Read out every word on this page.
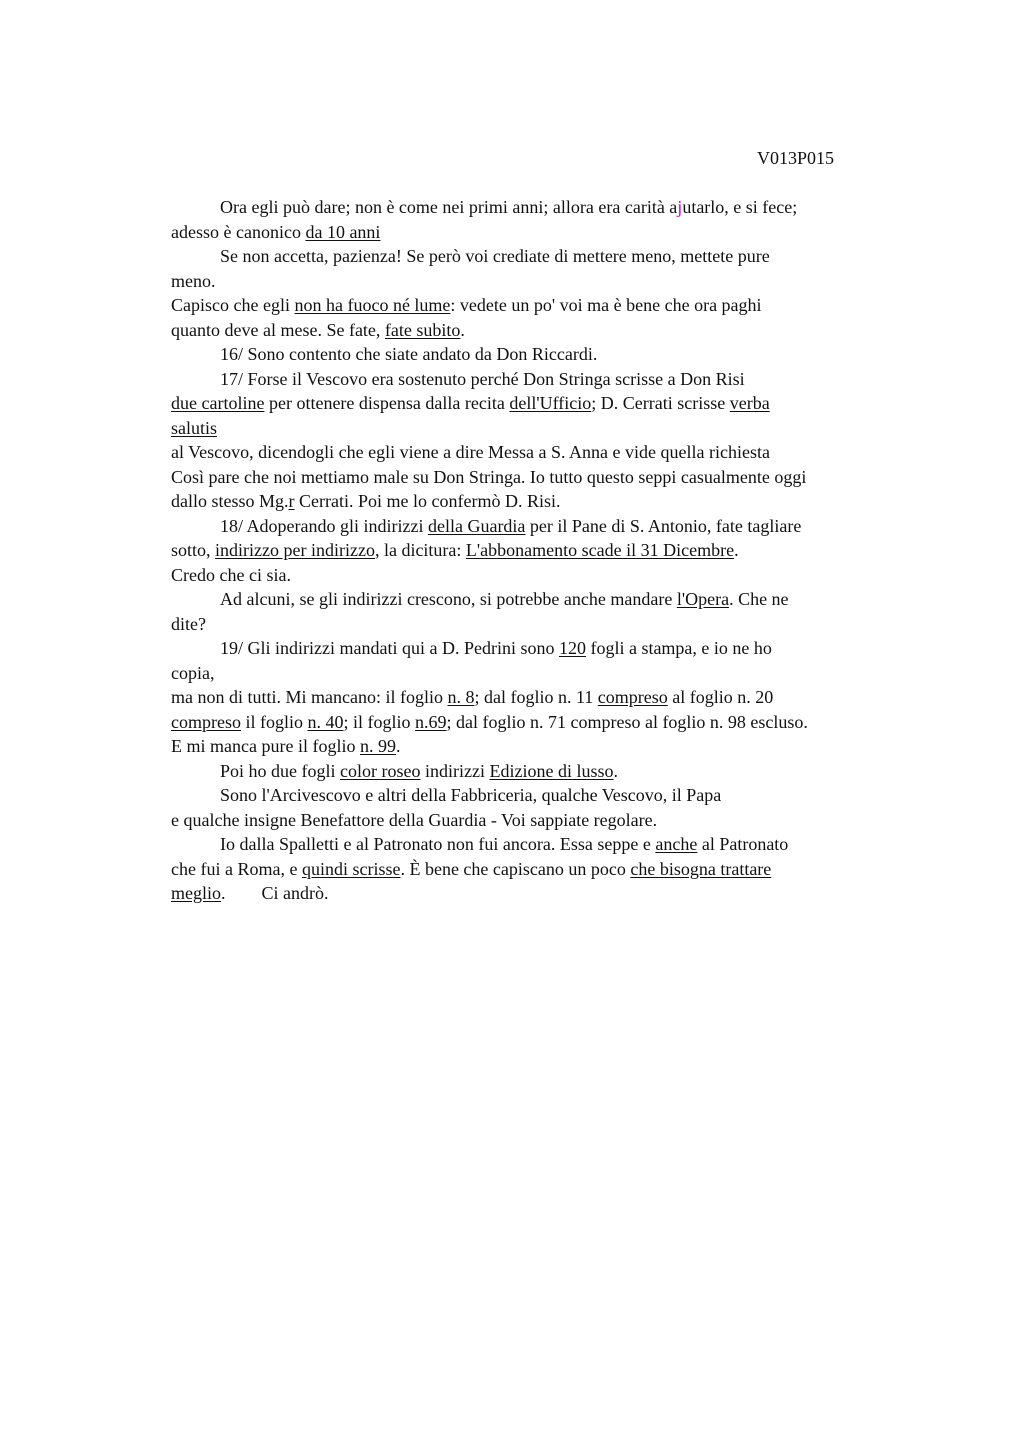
V013P015
Ora egli può dare; non è come nei primi anni; allora era carità ajutarlo, e si fece;
adesso è canonico da 10 anni
Se non accetta, pazienza! Se però voi crediate di mettere meno, mettete pure
meno.
Capisco che egli non ha fuoco né lume: vedete un po' voi ma è bene che ora paghi
quanto deve al mese. Se fate, fate subito.
16/ Sono contento che siate andato da Don Riccardi.
17/ Forse il Vescovo era sostenuto perché Don Stringa scrisse a Don Risi
due cartoline per ottenere dispensa dalla recita dell'Ufficio; D. Cerrati scrisse verba
salutis
al Vescovo, dicendogli che egli viene a dire Messa a S. Anna e vide quella richiesta
Così pare che noi mettiamo male su Don Stringa. Io tutto questo seppi casualmente oggi
dallo stesso Mg.r Cerrati. Poi me lo confermò D. Risi.
18/ Adoperando gli indirizzi della Guardia per il Pane di S. Antonio, fate tagliare
sotto, indirizzo per indirizzo, la dicitura: L'abbonamento scade il 31 Dicembre.
Credo che ci sia.
Ad alcuni, se gli indirizzi crescono, si potrebbe anche mandare l'Opera. Che ne
dite?
19/ Gli indirizzi mandati qui a D. Pedrini sono 120 fogli a stampa, e io ne ho
copia,
ma non di tutti. Mi mancano: il foglio n. 8; dal foglio n. 11 compreso al foglio n. 20
compreso il foglio n. 40; il foglio n.69; dal foglio n. 71 compreso al foglio n. 98 escluso.
E mi manca pure il foglio n. 99.
Poi ho due fogli color roseo indirizzi Edizione di lusso.
Sono l'Arcivescovo e altri della Fabbriceria, qualche Vescovo, il Papa
e qualche insigne Benefattore della Guardia - Voi sappiate regolare.
Io dalla Spalletti e al Patronato non fui ancora. Essa seppe e anche al Patronato
che fui a Roma, e quindi scrisse. È bene che capiscano un poco che bisogna trattare
meglio. Ci andrò.
